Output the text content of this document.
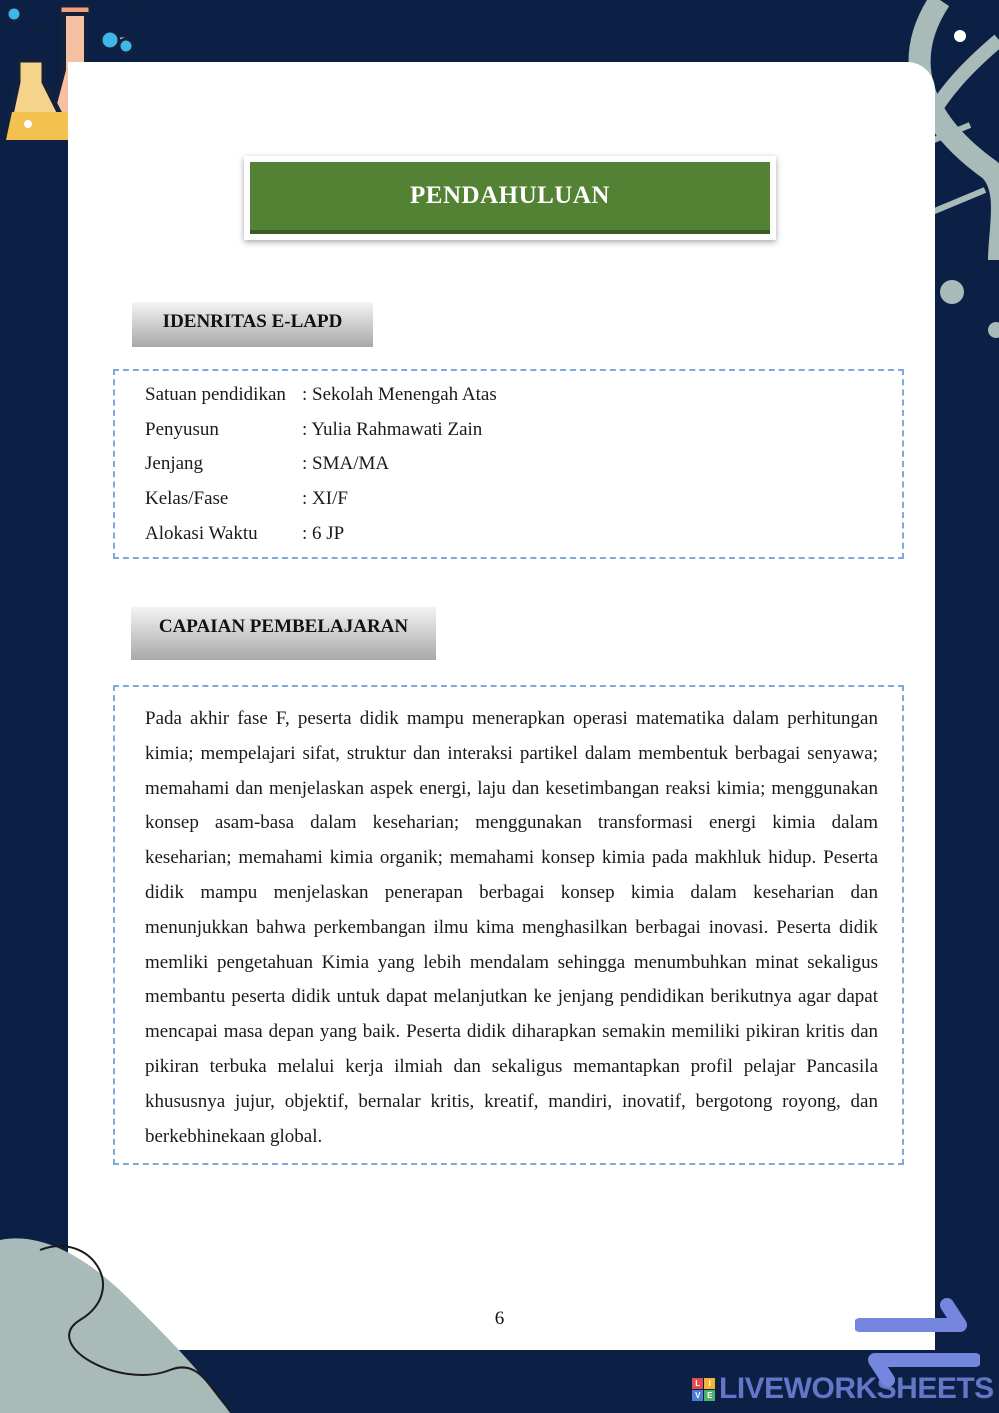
PENDAHULUAN
IDENRITAS E-LAPD
Satuan pendidikan : Sekolah Menengah Atas
Penyusun	: Yulia Rahmawati Zain
Jenjang	: SMA/MA
Kelas/Fase	: XI/F
Alokasi Waktu : 6 JP
CAPAIAN PEMBELAJARAN
Pada akhir fase F, peserta didik mampu menerapkan operasi matematika dalam perhitungan kimia; mempelajari sifat, struktur dan interaksi partikel dalam membentuk berbagai senyawa; memahami dan menjelaskan aspek energi, laju dan kesetimbangan reaksi kimia; menggunakan konsep asam-basa dalam keseharian; menggunakan transformasi energi kimia dalam keseharian; memahami kimia organik; memahami konsep kimia pada makhluk hidup. Peserta didik mampu menjelaskan penerapan berbagai konsep kimia dalam keseharian dan menunjukkan bahwa perkembangan ilmu kima menghasilkan berbagai inovasi. Peserta didik memliki pengetahuan Kimia yang lebih mendalam sehingga menumbuhkan minat sekaligus membantu peserta didik untuk dapat melanjutkan ke jenjang pendidikan berikutnya agar dapat mencapai masa depan yang baik. Peserta didik diharapkan semakin memiliki pikiran kritis dan pikiran terbuka melalui kerja ilmiah dan sekaligus memantapkan profil pelajar Pancasila khususnya jujur, objektif, bernalar kritis, kreatif, mandiri, inovatif, bergotong royong, dan berkebhinekaan global.
6
L	I
V E LIVEWORKSHEETS
